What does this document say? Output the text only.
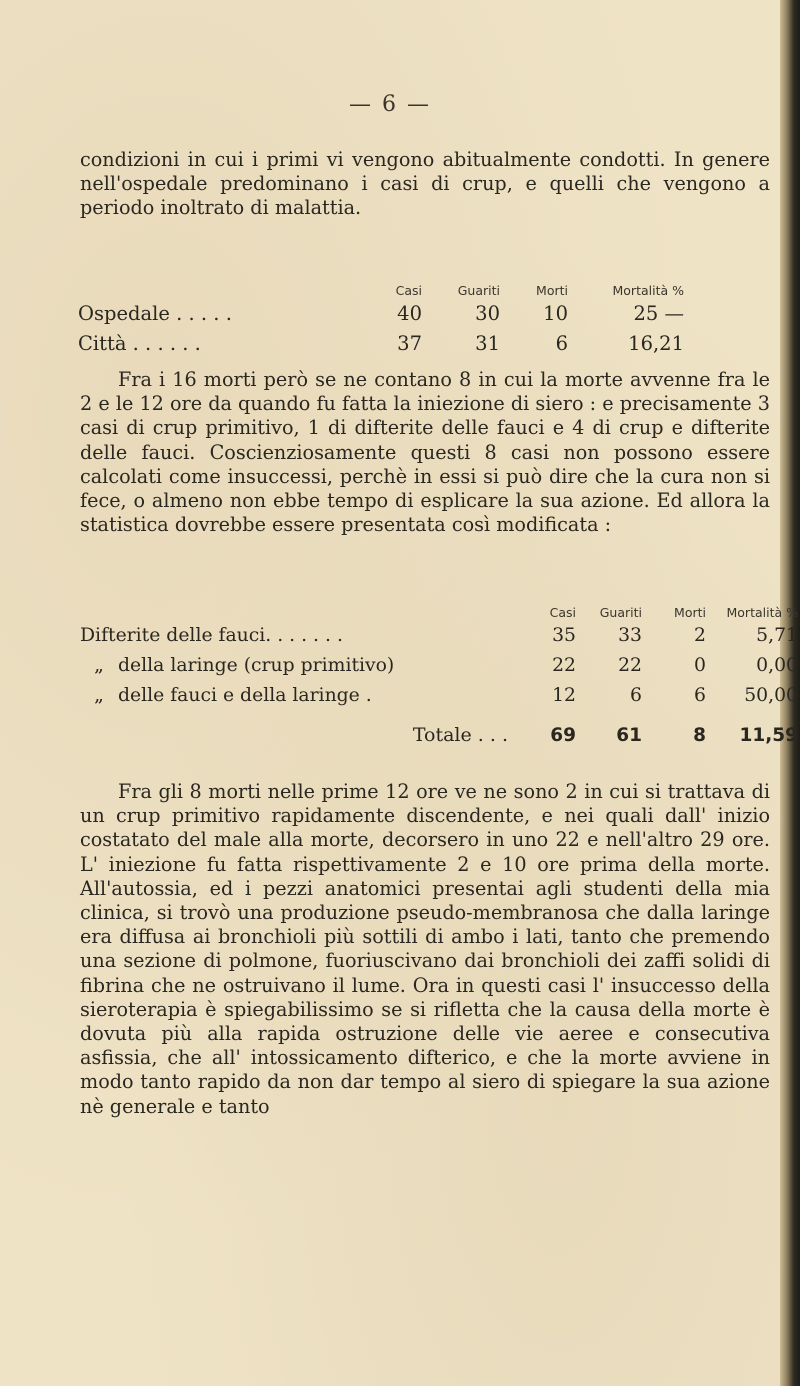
— 6 —
condizioni in cui i primi vi vengono abitualmente condotti. In genere nell'ospedale predominano i casi di crup, e quelli che vengono a periodo inoltrato di malattia.
	Casi	Guariti	Morti	Mortalità %
Ospedale . . . . .	40	30	10	25 —
Città . . . . . .	37	31	6	16,21
Fra i 16 morti però se ne contano 8 in cui la morte avvenne fra le 2 e le 12 ore da quando fu fatta la iniezione di siero : e precisamente 3 casi di crup primitivo, 1 di difterite delle fauci e 4 di crup e difterite delle fauci. Coscienziosamente questi 8 casi non possono essere calcolati come insuccessi, perchè in essi si può dire che la cura non si fece, o almeno non ebbe tempo di esplicare la sua azione. Ed allora la statistica dovrebbe essere presentata così modificata :
	Casi	Guariti	Morti	Mortalità %
Difterite delle fauci. . . . . . .	35	33	2	5,71
„ della laringe (crup primitivo)	22	22	0	0,00
„ delle fauci e della laringe .	12	6	6	50,00
Totale . . .	69	61	8	11,59
Fra gli 8 morti nelle prime 12 ore ve ne sono 2 in cui si trattava di un crup primitivo rapidamente discendente, e nei quali dall' inizio costatato del male alla morte, decorsero in uno 22 e nell'altro 29 ore. L' iniezione fu fatta rispettivamente 2 e 10 ore prima della morte. All'autossia, ed i pezzi anatomici presentai agli studenti della mia clinica, si trovò una produzione pseudo-membranosa che dalla laringe era diffusa ai bronchioli più sottili di ambo i lati, tanto che premendo una sezione di polmone, fuoriuscivano dai bronchioli dei zaffi solidi di fibrina che ne ostruivano il lume. Ora in questi casi l' insuccesso della sieroterapia è spiegabilissimo se si rifletta che la causa della morte è dovuta più alla rapida ostruzione delle vie aeree e consecutiva asfissia, che all' intossicamento difterico, e che la morte avviene in modo tanto rapido da non dar tempo al siero di spiegare la sua azione nè generale e tanto
